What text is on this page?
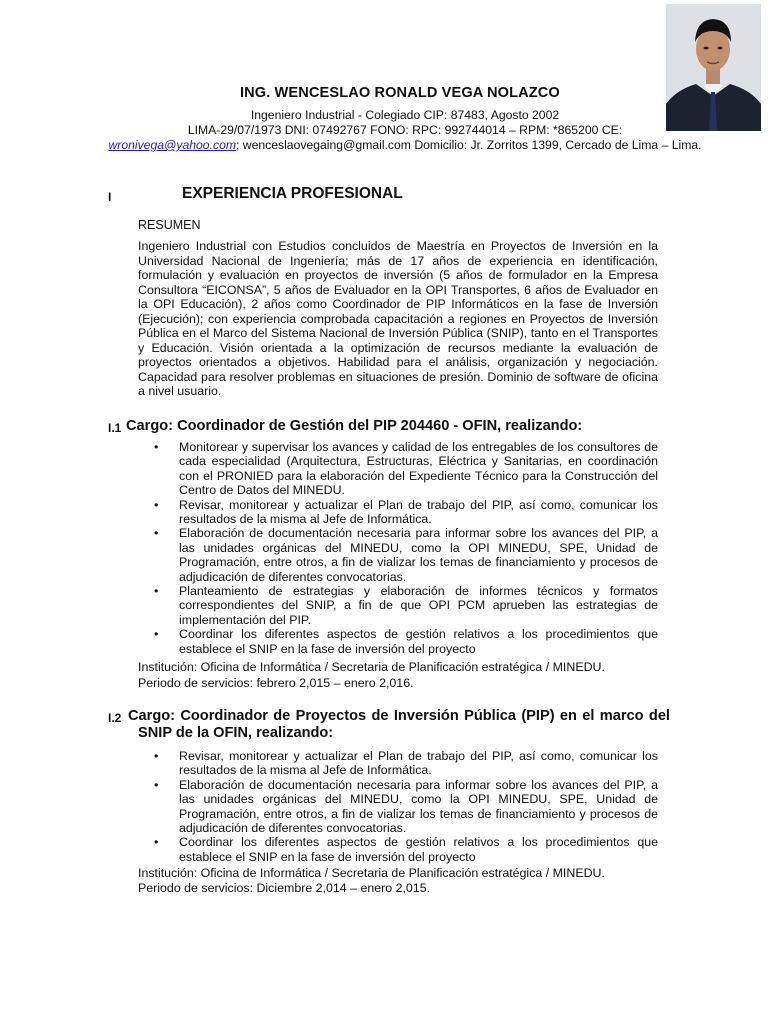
ING. WENCESLAO RONALD VEGA NOLAZCO
Ingeniero Industrial - Colegiado CIP: 87483, Agosto 2002
LIMA-29/07/1973 DNI: 07492767 FONO: RPC: 992744014 – RPM: *865200 CE:
wronivega@yahoo.com; wenceslaovegaing@gmail.com Domicilio: Jr. Zorritos 1399, Cercado de Lima – Lima.
I	EXPERIENCIA PROFESIONAL
RESUMEN

Ingeniero Industrial con Estudios concluidos de Maestría en Proyectos de Inversión en la Universidad Nacional de Ingeniería; más de 17 años de experiencia en identificación, formulación y evaluación en proyectos de inversión (5 años de formulador en la Empresa Consultora “EICONSA”, 5 años de Evaluador en la OPI Transportes, 6 años de Evaluador en la OPI Educación), 2 años como Coordinador de PIP Informáticos en la fase de Inversión (Ejecución); con experiencia comprobada capacitación a regiones en Proyectos de Inversión Pública en el Marco del Sistema Nacional de Inversión Pública (SNIP), tanto en el Transportes y Educación. Visión orientada a la optimización de recursos mediante la evaluación de proyectos orientados a objetivos. Habilidad para el análisis, organización y negociación. Capacidad para resolver problemas en situaciones de presión. Dominio de software de oficina a nivel usuario.

I.1 Cargo: Coordinador de Gestión del PIP 204460 - OFIN, realizando:
• Monitorear y supervisar los avances y calidad de los entregables de los consultores de cada especialidad (Arquitectura, Estructuras, Eléctrica y Sanitarias, en coordinación con el PRONIED para la elaboración del Expediente Técnico para la Construcción del Centro de Datos del MINEDU.
• Revisar, monitorear y actualizar el Plan de trabajo del PIP, así como, comunicar los resultados de la misma al Jefe de Informática.
• Elaboración de documentación necesaria para informar sobre los avances del PIP, a las unidades orgánicas del MINEDU, como la OPI MINEDU, SPE, Unidad de Programación, entre otros, a fin de vializar los temas de financiamiento y procesos de adjudicación de diferentes convocatorias.
• Planteamiento de estrategias y elaboración de informes técnicos y formatos correspondientes del SNIP, a fin de que OPI PCM aprueben las estrategias de implementación del PIP.
• Coordinar los diferentes aspectos de gestión relativos a los procedimientos que establece el SNIP en la fase de inversión del proyecto
Institución: Oficina de Informática / Secretaria de Planificación estratégica / MINEDU.
Periodo de servicios: febrero 2,015 – enero 2,016.
I.2 Cargo: Coordinador de Proyectos de Inversión Pública (PIP) en el marco del SNIP de la OFIN, realizando:
• Revisar, monitorear y actualizar el Plan de trabajo del PIP, así como, comunicar los resultados de la misma al Jefe de Informática.
• Elaboración de documentación necesaria para informar sobre los avances del PIP, a las unidades orgánicas del MINEDU, como la OPI MINEDU, SPE, Unidad de Programación, entre otros, a fin de vializar los temas de financiamiento y procesos de adjudicación de diferentes convocatorias.
• Coordinar los diferentes aspectos de gestión relativos a los procedimientos que establece el SNIP en la fase de inversión del proyecto
Institución: Oficina de Informática / Secretaria de Planificación estratégica / MINEDU.
Periodo de servicios: Diciembre 2,014 – enero 2,015.
